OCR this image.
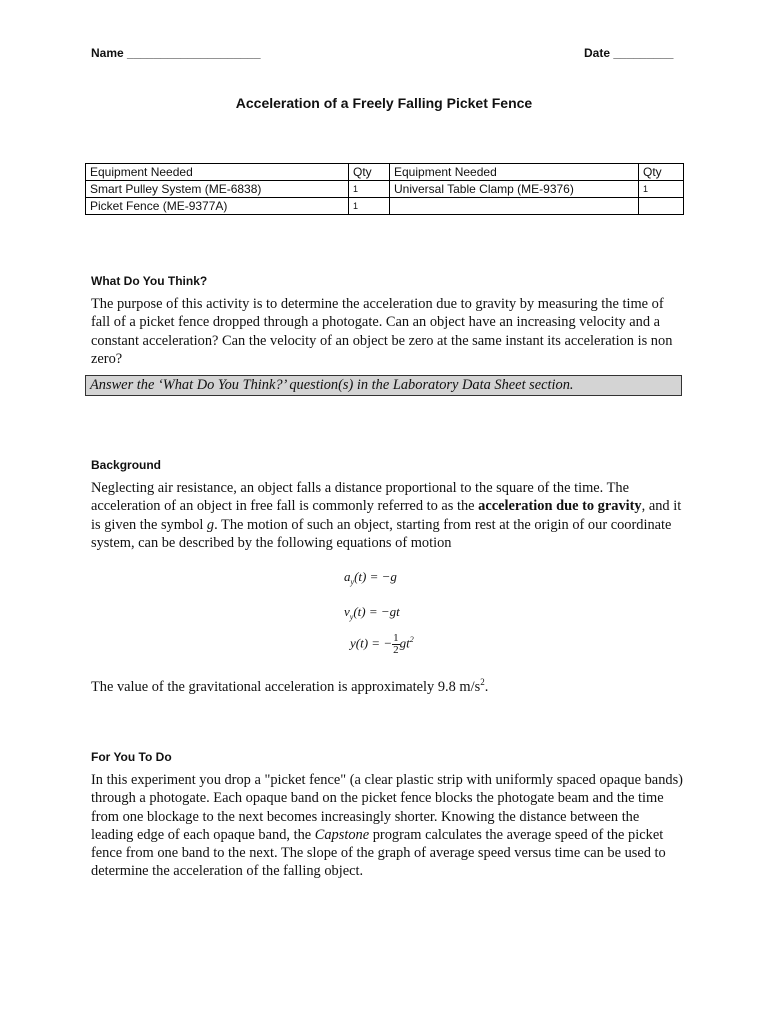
Name ____________________	Date _________
Acceleration of a Freely Falling Picket Fence
Equipment Needed	Qty	Equipment Needed	Qty
Smart Pulley System (ME-6838)	1	Universal Table Clamp (ME-9376)	1
Picket Fence (ME-9377A)	1		
What Do You Think?

The purpose of this activity is to determine the acceleration due to gravity by measuring the time of fall of a picket fence dropped through a photogate. Can an object have an increasing velocity and a constant acceleration? Can the velocity of an object be zero at the same instant its acceleration is non zero?

Answer the ‘What Do You Think?’ question(s) in the Laboratory Data Sheet section.
Background

Neglecting air resistance, an object falls a distance proportional to the square of the time. The acceleration of an object in free fall is commonly referred to as the acceleration due to gravity, and it is given the symbol g. The motion of such an object, starting from rest at the origin of our coordinate system, can be described by the following equations of motion

$a_y(t) = -g$
$v_y(t) = -gt$
y(t) = − $\frac{1}{2} gt^2$

The value of the gravitational acceleration is approximately 9.8 $m/s^2$.

For You To Do

In this experiment you drop a "picket fence" (a clear plastic strip with uniformly spaced opaque bands) through a photogate. Each opaque band on the picket fence blocks the photogate beam and the time from one blockage to the next becomes increasingly shorter. Knowing the distance between the leading edge of each opaque band, the Capstone program calculates the average speed of the picket fence from one band to the next. The slope of the graph of average speed versus time can be used to determine the acceleration of the falling object.
